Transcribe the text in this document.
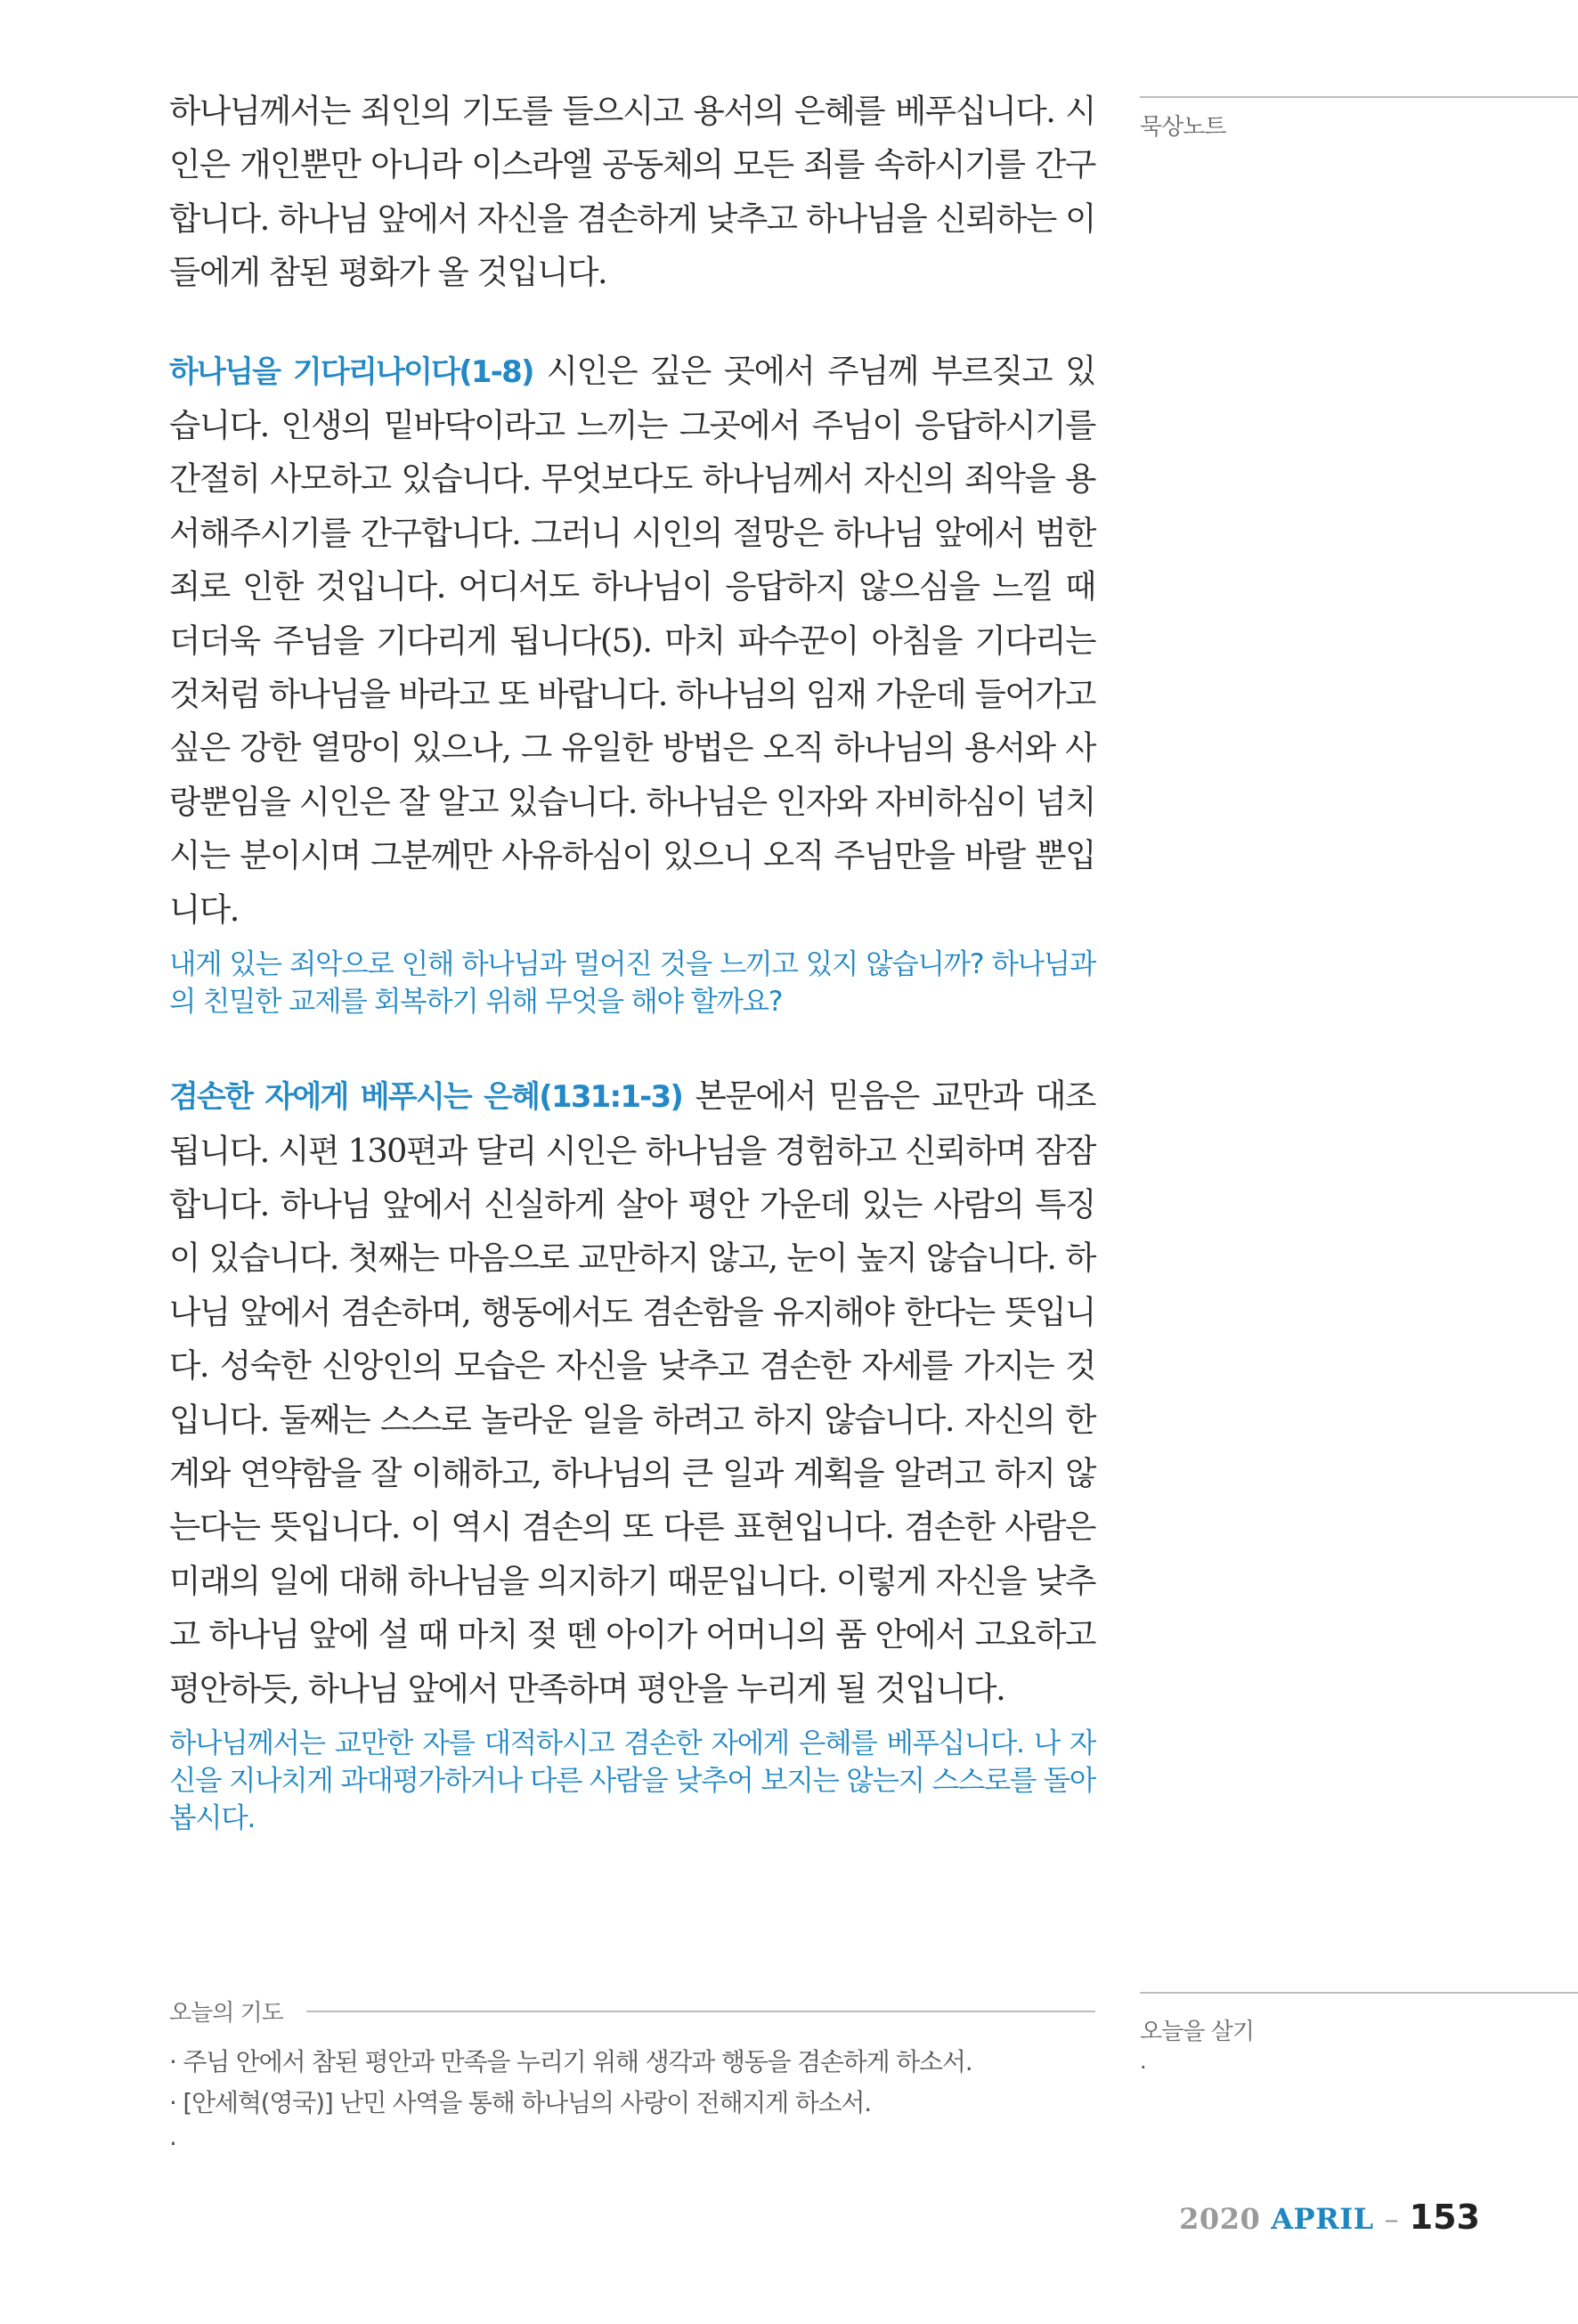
하나님께서는 죄인의 기도를 들으시고 용서의 은혜를 베푸십니다. 시인은 개인뿐만 아니라 이스라엘 공동체의 모든 죄를 속하시기를 간구합니다. 하나님 앞에서 자신을 겸손하게 낮추고 하나님을 신뢰하는 이들에게 참된 평화가 올 것입니다.

하나님을 기다리나이다(1-8) 시인은 깊은 곳에서 주님께 부르짖고 있습니다. 인생의 밑바닥이라고 느끼는 그곳에서 주님이 응답하시기를 간절히 사모하고 있습니다. 무엇보다도 하나님께서 자신의 죄악을 용서해주시기를 간구합니다. 그러니 시인의 절망은 하나님 앞에서 범한 죄로 인한 것입니다. 어디서도 하나님이 응답하지 않으심을 느낄 때 더더욱 주님을 기다리게 됩니다(5). 마치 파수꾼이 아침을 기다리는 것처럼 하나님을 바라고 또 바랍니다. 하나님의 임재 가운데 들어가고 싶은 강한 열망이 있으나, 그 유일한 방법은 오직 하나님의 용서와 사랑뿐임을 시인은 잘 알고 있습니다. 하나님은 인자와 자비하심이 넘치시는 분이시며 그분께만 사유하심이 있으니 오직 주님만을 바랄 뿐입니다.

내게 있는 죄악으로 인해 하나님과 멀어진 것을 느끼고 있지 않습니까? 하나님과의 친밀한 교제를 회복하기 위해 무엇을 해야 할까요?

겸손한 자에게 베푸시는 은혜(131:1-3) 본문에서 믿음은 교만과 대조됩니다. 시편 130편과 달리 시인은 하나님을 경험하고 신뢰하며 잠잠합니다. 하나님 앞에서 신실하게 살아 평안 가운데 있는 사람의 특징이 있습니다. 첫째는 마음으로 교만하지 않고, 눈이 높지 않습니다. 하나님 앞에서 겸손하며, 행동에서도 겸손함을 유지해야 한다는 뜻입니다. 성숙한 신앙인의 모습은 자신을 낮추고 겸손한 자세를 가지는 것입니다. 둘째는 스스로 놀라운 일을 하려고 하지 않습니다. 자신의 한계와 연약함을 잘 이해하고, 하나님의 큰 일과 계획을 알려고 하지 않는다는 뜻입니다. 이 역시 겸손의 또 다른 표현입니다. 겸손한 사람은 미래의 일에 대해 하나님을 의지하기 때문입니다. 이렇게 자신을 낮추고 하나님 앞에 설 때 마치 젖 뗀 아이가 어머니의 품 안에서 고요하고 평안하듯, 하나님 앞에서 만족하며 평안을 누리게 될 것입니다.

하나님께서는 교만한 자를 대적하시고 겸손한 자에게 은혜를 베푸십니다. 나 자신을 지나치게 과대평가하거나 다른 사람을 낮추어 보지는 않는지 스스로를 돌아봅시다.

묵상노트
오늘을 살기
·
오늘의 기도
· 주님 안에서 참된 평안과 만족을 누리기 위해 생각과 행동을 겸손하게 하소서.
· [안세혁(영국)] 난민 사역을 통해 하나님의 사랑이 전해지게 하소서.
·
2020 APRIL – 153
